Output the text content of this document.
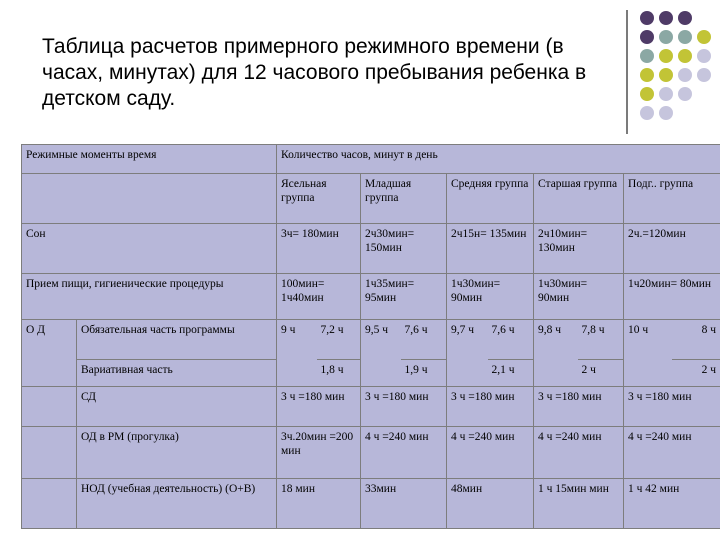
Таблица расчетов примерного режимного времени (в часах, минутах) для 12 часового пребывания ребенка в детском саду.
Режимные моменты время		Количество часов, минут в день									
		Ясельная группа		Младшая группа		Средняя группа		Старшая группа		Подг.. группа	
Сон		3ч= 180мин		2ч30мин= 150мин		2ч15н= 135мин		2ч10мин= 130мин		2ч.=120мин	
Прием пищи, гигиенические процедуры		100мин= 1ч40мин		1ч35мин= 95мин		1ч30мин= 90мин		1ч30мин= 90мин		1ч20мин= 80мин	
О Д	Обязательная часть программы	9 ч	7,2 ч	9,5 ч	7,6 ч	9,7 ч	7,6 ч	9,8 ч	7,8 ч	10 ч	8 ч
	Вариативная часть		1,8 ч		1,9 ч		2,1 ч		2 ч		2 ч
	СД	3 ч =180 мин		3 ч =180 мин		3 ч =180 мин		3 ч =180 мин		3 ч =180 мин	
	ОД в РМ (прогулка)	3ч.20мин =200 мин		4 ч =240 мин		4 ч =240 мин		4 ч =240 мин		4 ч =240 мин	
	НОД (учебная деятельность) (О+В)	18 мин		33мин		48мин		1 ч 15мин мин		1 ч 42 мин	
